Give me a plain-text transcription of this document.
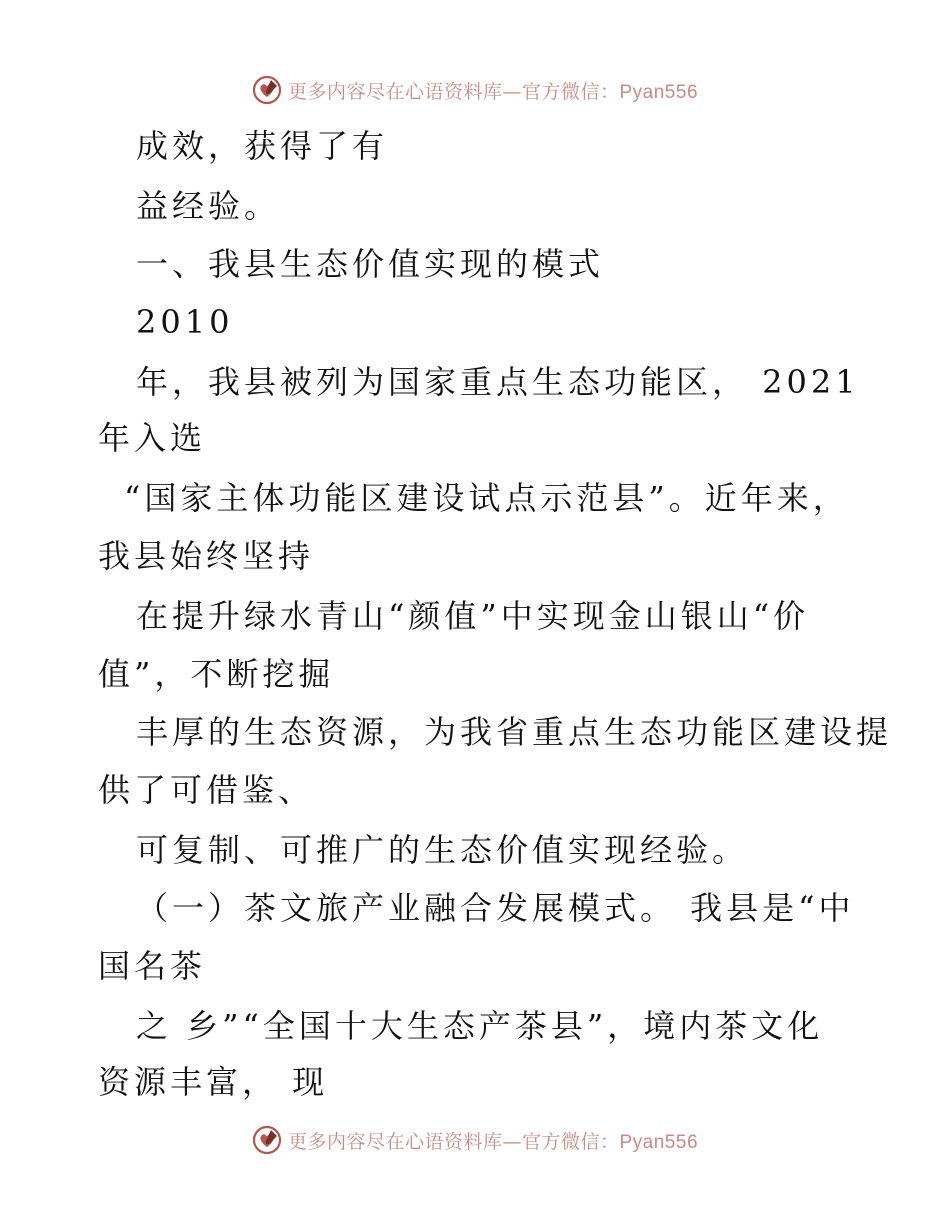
更多内容尽在心语资料库—官方微信：Pyan556
成效，获得了有
益经验。
一、我县生态价值实现的模式
2010
年，我县被列为国家重点生态功能区， 2021
年入选
“国家主体功能区建设试点示范县”。近年来，
我县始终坚持
在提升绿水青山“颜值”中实现金山银山“价
值”，不断挖掘
丰厚的生态资源，为我省重点生态功能区建设提
供了可借鉴、
可复制、可推广的生态价值实现经验。
（一）茶文旅产业融合发展模式。 我县是“中
国名茶
之 乡”“全国十大生态产茶县”，境内茶文化
资源丰富， 现
更多内容尽在心语资料库—官方微信：Pyan556
